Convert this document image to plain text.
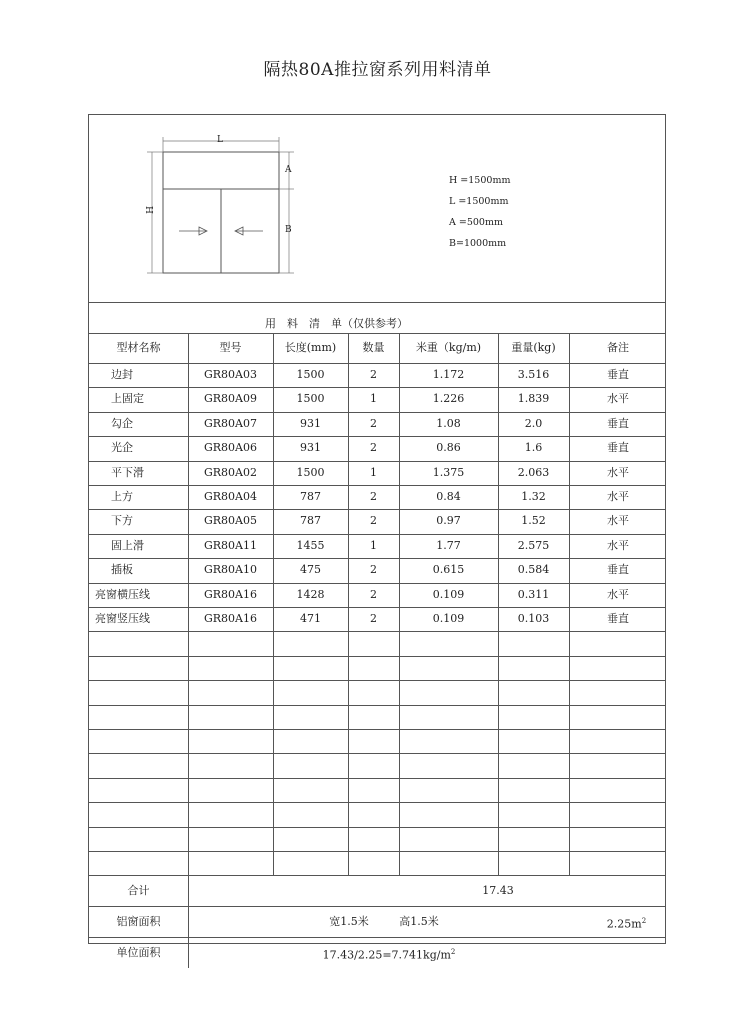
隔热80A推拉窗系列用料清单
L
H
A
B
H =1500mm
L =1500mm
A =500mm
B=1000mm
用　料　清　单（仅供参考）
型材名称	型号	长度(mm)	数量	米重（kg/m)	重量(kg)	备注
边封	GR80A03	1500	2	1.172	3.516	垂直
上固定	GR80A09	1500	1	1.226	1.839	水平
勾企	GR80A07	931	2	1.08	2.0	垂直
光企	GR80A06	931	2	0.86	1.6	垂直
平下滑	GR80A02	1500	1	1.375	2.063	水平
上方	GR80A04	787	2	0.84	1.32	水平
下方	GR80A05	787	2	0.97	1.52	水平
固上滑	GR80A11	1455	1	1.77	2.575	水平
插板	GR80A10	475	2	0.615	0.584	垂直
亮窗横压线	GR80A16	1428	2	0.109	0.311	水平
亮窗竖压线	GR80A16	471	2	0.109	0.103	垂直
合计	17.43
铝窗面积	宽1.5米	高1.5米	$2.25m^2$
单位面积	$17.43/2.25=7.741kg/m^2$
